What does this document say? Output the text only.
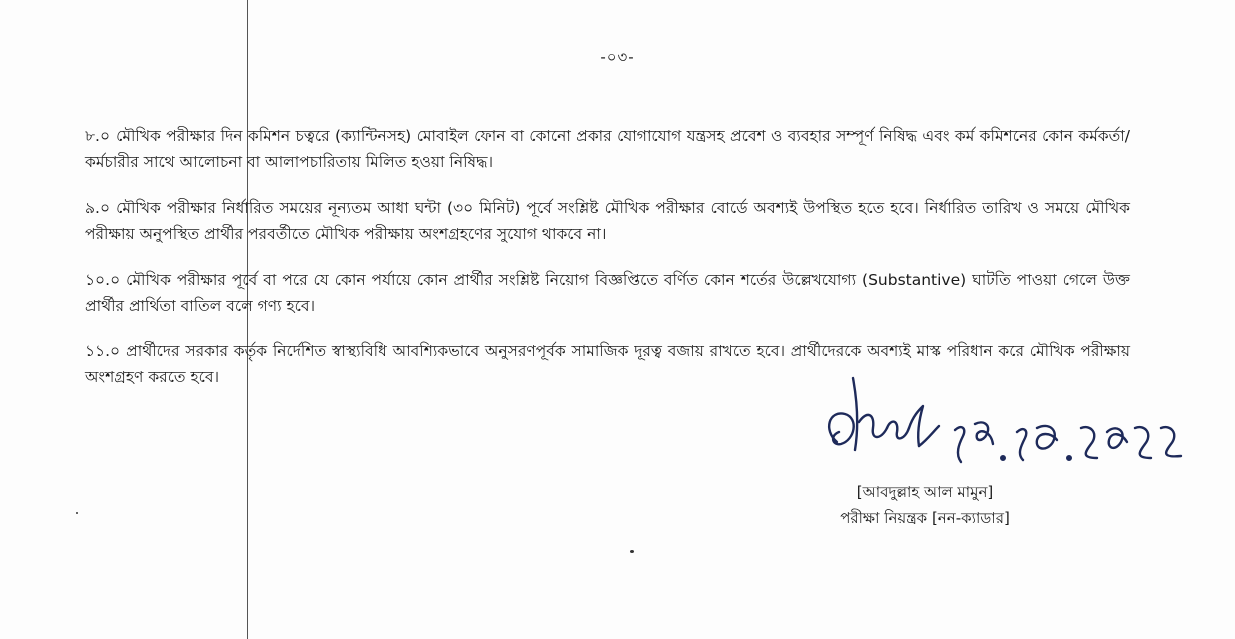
-০৩-
৮.০ মৌখিক পরীক্ষার দিন কমিশন চত্বরে (ক্যান্টিনসহ) মোবাইল ফোন বা কোনো প্রকার যোগাযোগ যন্ত্রসহ প্রবেশ ও ব্যবহার সম্পূর্ণ নিষিদ্ধ এবং কর্ম কমিশনের কোন কর্মকর্তা/কর্মচারীর সাথে আলোচনা বা আলাপচারিতায় মিলিত হওয়া নিষিদ্ধ।
৯.০ মৌখিক পরীক্ষার নির্ধারিত সময়ের নূন্যতম আধা ঘন্টা (৩০ মিনিট) পূর্বে সংশ্লিষ্ট মৌখিক পরীক্ষার বোর্ডে অবশ্যই উপস্থিত হতে হবে। নির্ধারিত তারিখ ও সময়ে মৌখিক পরীক্ষায় অনুপস্থিত প্রার্থীর পরবর্তীতে মৌখিক পরীক্ষায় অংশগ্রহণের সুযোগ থাকবে না।
১০.০ মৌখিক পরীক্ষার পূর্বে বা পরে যে কোন পর্যায়ে কোন প্রার্থীর সংশ্লিষ্ট নিয়োগ বিজ্ঞপ্তিতে বর্ণিত কোন শর্তের উল্লেখযোগ্য (Substantive) ঘাটতি পাওয়া গেলে উক্ত প্রার্থীর প্রার্থিতা বাতিল বলে গণ্য হবে।
১১.০ প্রার্থীদের সরকার কর্তৃক নির্দেশিত স্বাস্থ্যবিধি আবশ্যিকভাবে অনুসরণপূর্বক সামাজিক দূরত্ব বজায় রাখতে হবে। প্রার্থীদেরকে অবশ্যই মাস্ক পরিধান করে মৌখিক পরীক্ষায় অংশগ্রহণ করতে হবে।
[আবদুল্লাহ আল মামুন]
পরীক্ষা নিয়ন্ত্রক [নন-ক্যাডার]
